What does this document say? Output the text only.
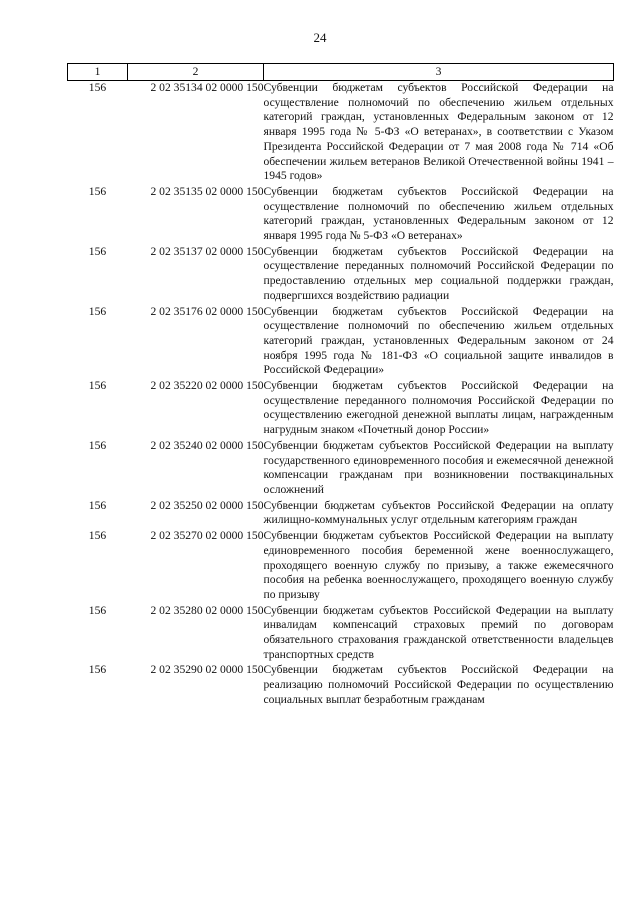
24
1	2	3
156	2 02 35134 02 0000 150	Субвенции бюджетам субъектов Российской Федерации на осуществление полномочий по обеспечению жильем отдельных категорий граждан, установленных Федеральным законом от 12 января 1995 года № 5-ФЗ «О ветеранах», в соответствии с Указом Президента Российской Федерации от 7 мая 2008 года № 714 «Об обеспечении жильем ветеранов Великой Отечественной войны 1941 – 1945 годов»
156	2 02 35135 02 0000 150	Субвенции бюджетам субъектов Российской Федерации на осуществление полномочий по обеспечению жильем отдельных категорий граждан, установленных Федеральным законом от 12 января 1995 года № 5-ФЗ «О ветеранах»
156	2 02 35137 02 0000 150	Субвенции бюджетам субъектов Российской Федерации на осуществление переданных полномочий Российской Федерации по предоставлению отдельных мер социальной поддержки граждан, подвергшихся воздействию радиации
156	2 02 35176 02 0000 150	Субвенции бюджетам субъектов Российской Федерации на осуществление полномочий по обеспечению жильем отдельных категорий граждан, установленных Федеральным законом от 24 ноября 1995 года № 181-ФЗ «О социальной защите инвалидов в Российской Федерации»
156	2 02 35220 02 0000 150	Субвенции бюджетам субъектов Российской Федерации на осуществление переданного полномочия Российской Федерации по осуществлению ежегодной денежной выплаты лицам, награжденным нагрудным знаком «Почетный донор России»
156	2 02 35240 02 0000 150	Субвенции бюджетам субъектов Российской Федерации на выплату государственного единовременного пособия и ежемесячной денежной компенсации гражданам при возникновении поствакцинальных осложнений
156	2 02 35250 02 0000 150	Субвенции бюджетам субъектов Российской Федерации на оплату жилищно-коммунальных услуг отдельным категориям граждан
156	2 02 35270 02 0000 150	Субвенции бюджетам субъектов Российской Федерации на выплату единовременного пособия беременной жене военнослужащего, проходящего военную службу по призыву, а также ежемесячного пособия на ребенка военнослужащего, проходящего военную службу по призыву
156	2 02 35280 02 0000 150	Субвенции бюджетам субъектов Российской Федерации на выплату инвалидам компенсаций страховых премий по договорам обязательного страхования гражданской ответственности владельцев транспортных средств
156	2 02 35290 02 0000 150	Субвенции бюджетам субъектов Российской Федерации на реализацию полномочий Российской Федерации по осуществлению социальных выплат безработным гражданам
